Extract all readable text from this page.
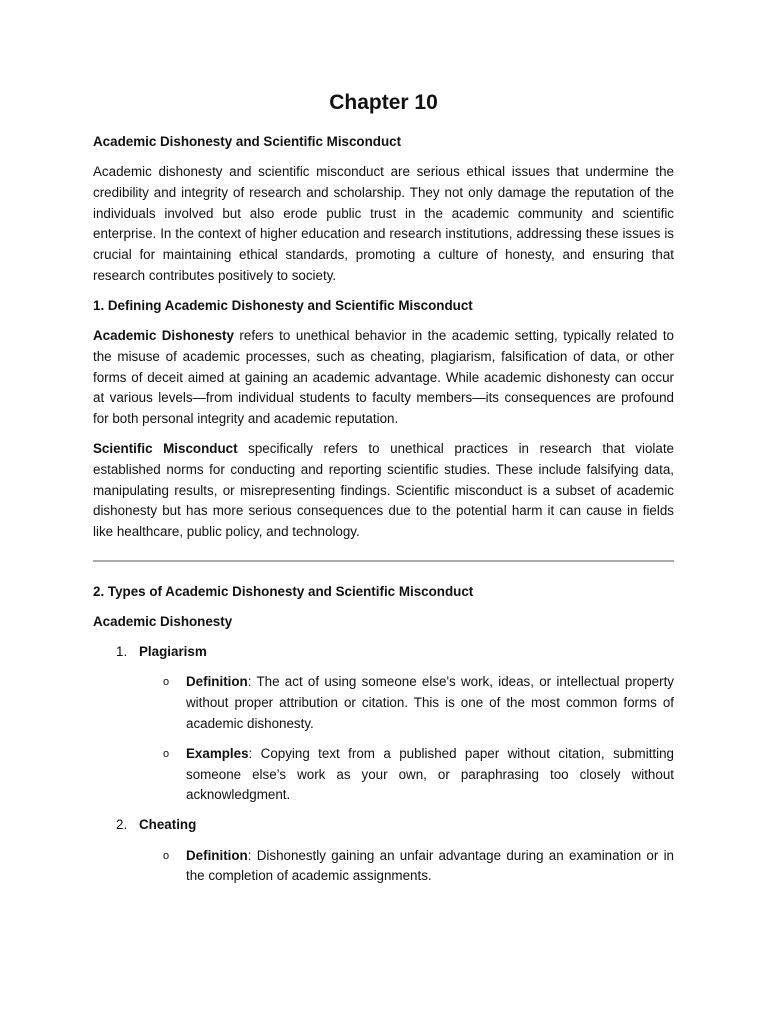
Chapter 10

Academic Dishonesty and Scientific Misconduct

Academic dishonesty and scientific misconduct are serious ethical issues that undermine the credibility and integrity of research and scholarship. They not only damage the reputation of the individuals involved but also erode public trust in the academic community and scientific enterprise. In the context of higher education and research institutions, addressing these issues is crucial for maintaining ethical standards, promoting a culture of honesty, and ensuring that research contributes positively to society.

1. Defining Academic Dishonesty and Scientific Misconduct

Academic Dishonesty refers to unethical behavior in the academic setting, typically related to the misuse of academic processes, such as cheating, plagiarism, falsification of data, or other forms of deceit aimed at gaining an academic advantage. While academic dishonesty can occur at various levels—from individual students to faculty members—its consequences are profound for both personal integrity and academic reputation.

Scientific Misconduct specifically refers to unethical practices in research that violate established norms for conducting and reporting scientific studies. These include falsifying data, manipulating results, or misrepresenting findings. Scientific misconduct is a subset of academic dishonesty but has more serious consequences due to the potential harm it can cause in fields like healthcare, public policy, and technology.

2. Types of Academic Dishonesty and Scientific Misconduct

Academic Dishonesty

1. Plagiarism
o Definition: The act of using someone else's work, ideas, or intellectual property without proper attribution or citation. This is one of the most common forms of academic dishonesty.
o Examples: Copying text from a published paper without citation, submitting someone else’s work as your own, or paraphrasing too closely without acknowledgment.
2. Cheating
o Definition: Dishonestly gaining an unfair advantage during an examination or in the completion of academic assignments.
